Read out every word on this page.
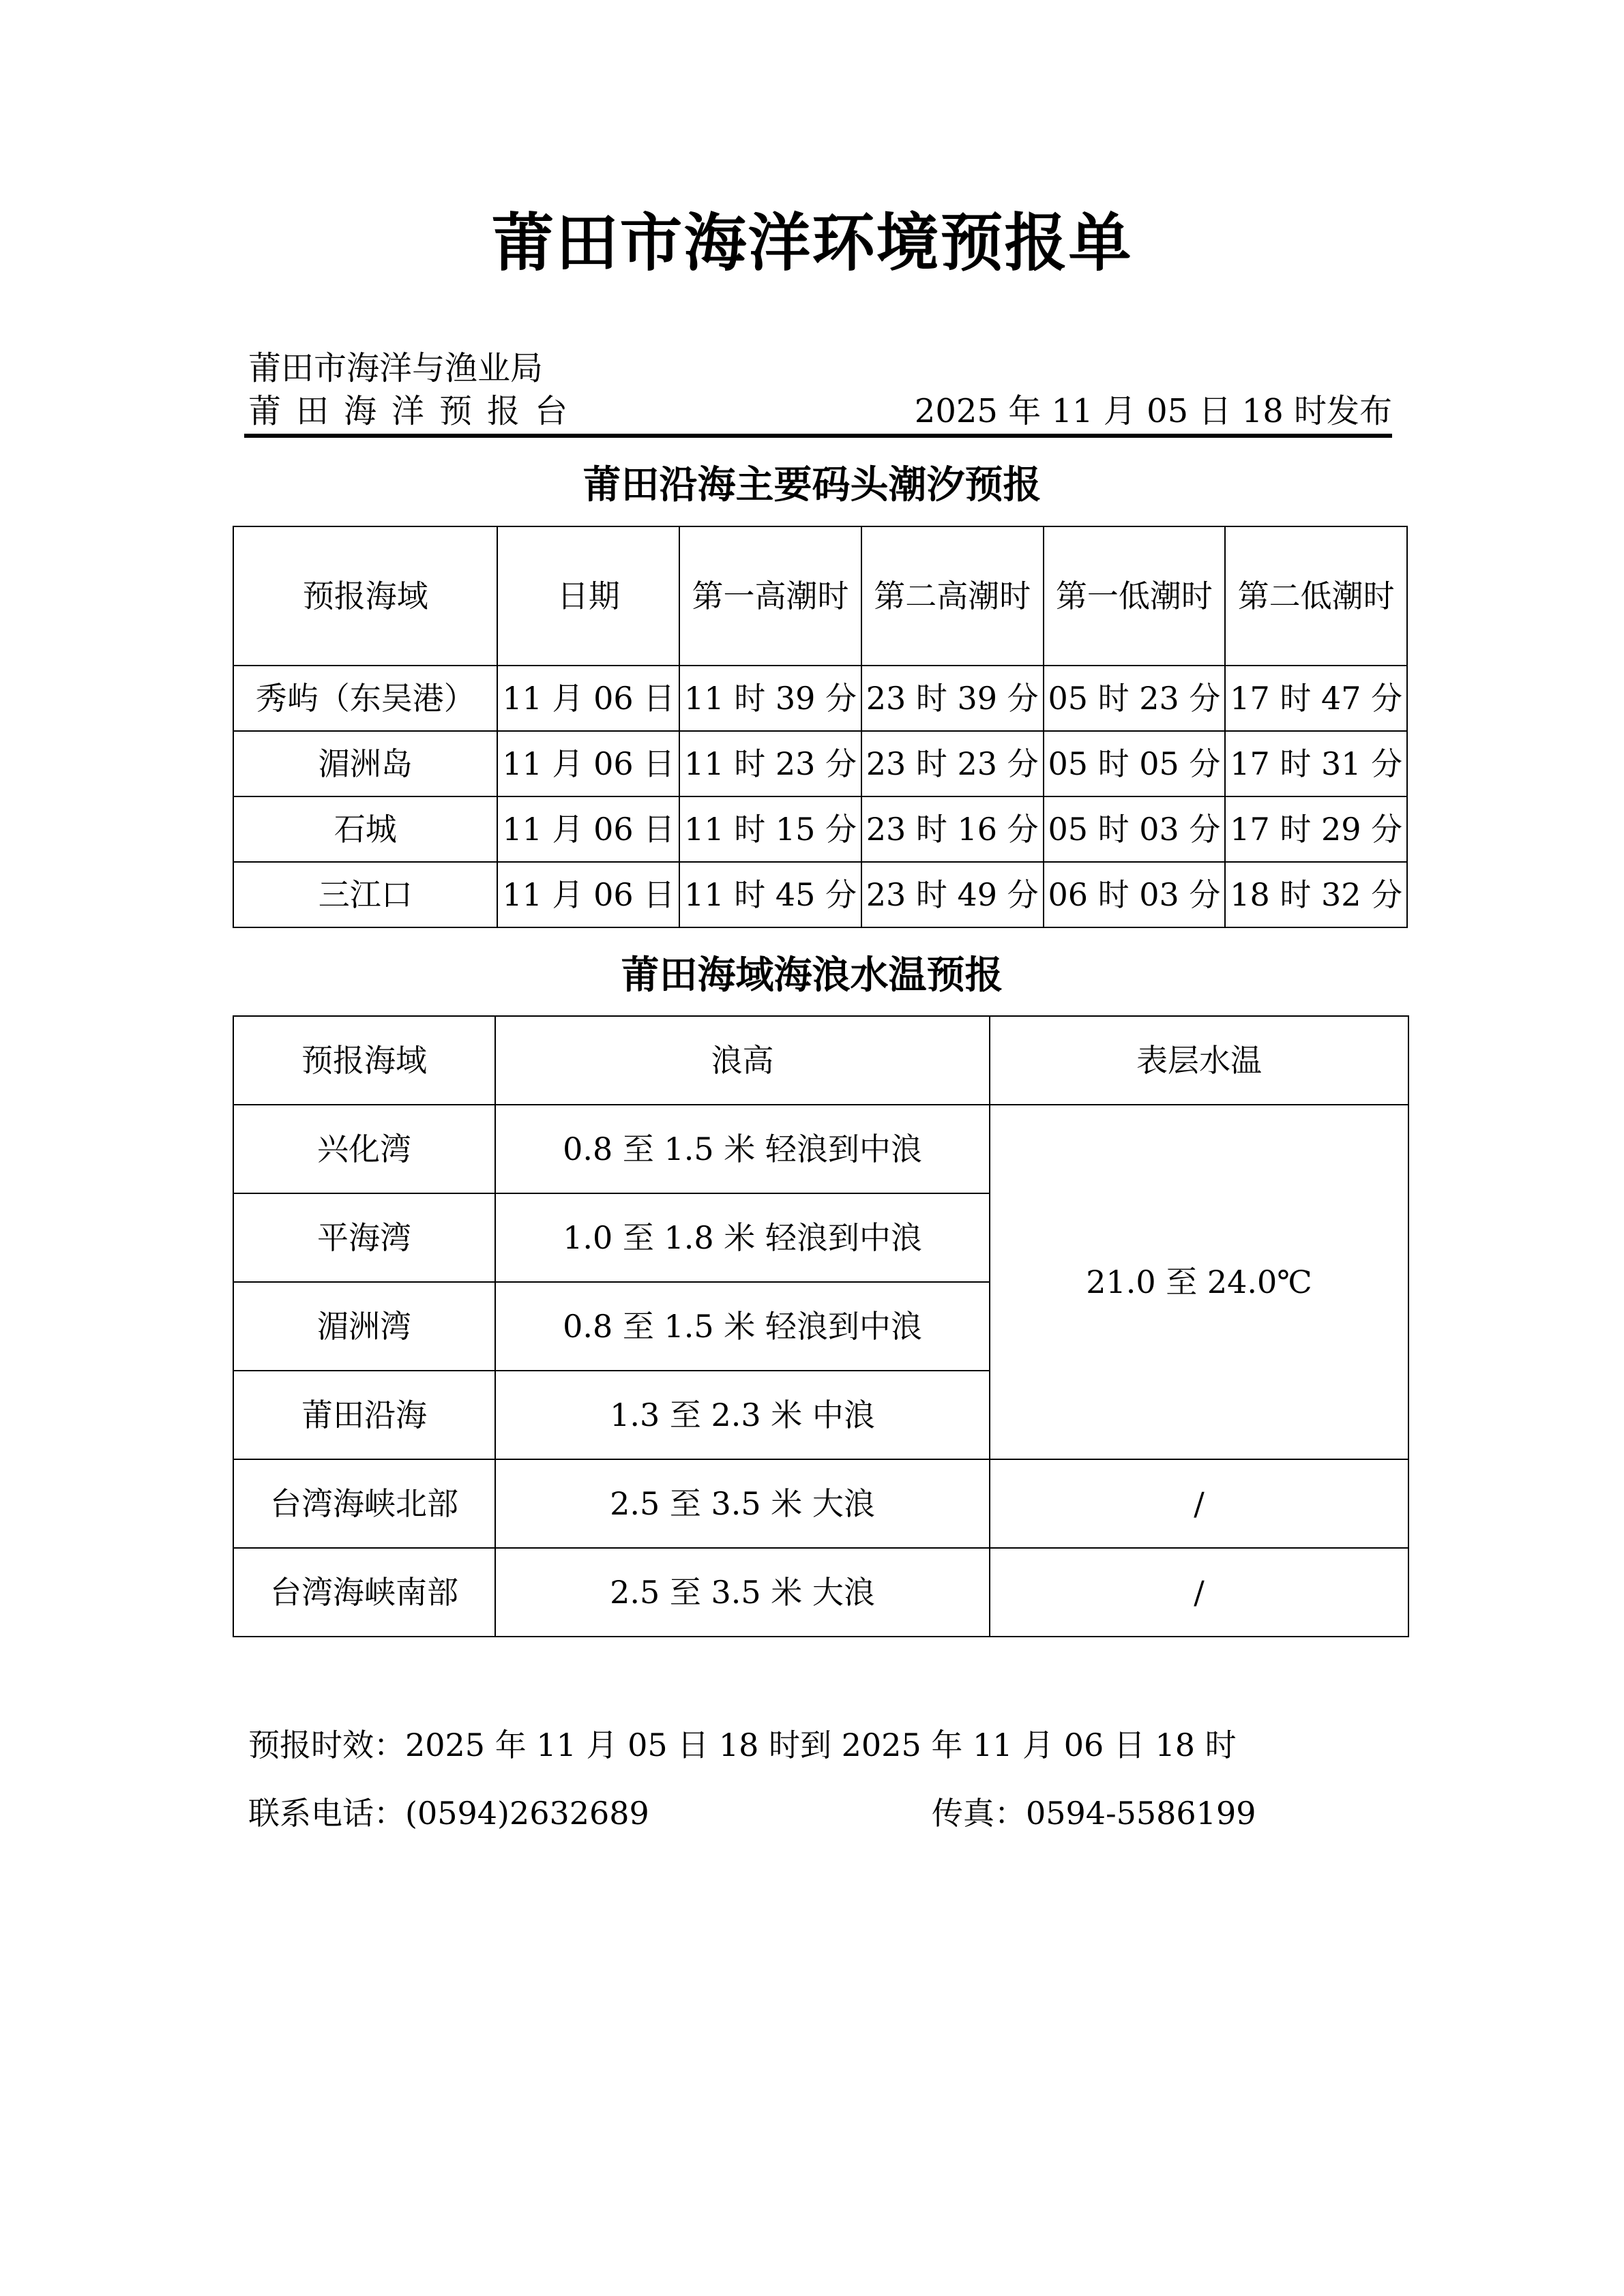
莆田市海洋环境预报单
莆田市海洋与渔业局
莆田海洋预报台	2025 年 11 月 05 日 18 时发布
莆田沿海主要码头潮汐预报
预报海域	日期	第一高潮时	第二高潮时	第一低潮时	第二低潮时
秀屿（东吴港）	11 月 06 日	11 时 39 分	23 时 39 分	05 时 23 分	17 时 47 分
湄洲岛	11 月 06 日	11 时 23 分	23 时 23 分	05 时 05 分	17 时 31 分
石城	11 月 06 日	11 时 15 分	23 时 16 分	05 时 03 分	17 时 29 分
三江口	11 月 06 日	11 时 45 分	23 时 49 分	06 时 03 分	18 时 32 分
莆田海域海浪水温预报
预报海域	浪高	表层水温
兴化湾	0.8 至 1.5 米 轻浪到中浪	21.0 至 24.0℃
平海湾	1.0 至 1.8 米 轻浪到中浪	
湄洲湾	0.8 至 1.5 米 轻浪到中浪	
莆田沿海	1.3 至 2.3 米 中浪	
台湾海峡北部	2.5 至 3.5 米 大浪	/
台湾海峡南部	2.5 至 3.5 米 大浪	/
预报时效：2025 年 11 月 05 日 18 时到 2025 年 11 月 06 日 18 时
联系电话：(0594)2632689	传真：0594-5586199
